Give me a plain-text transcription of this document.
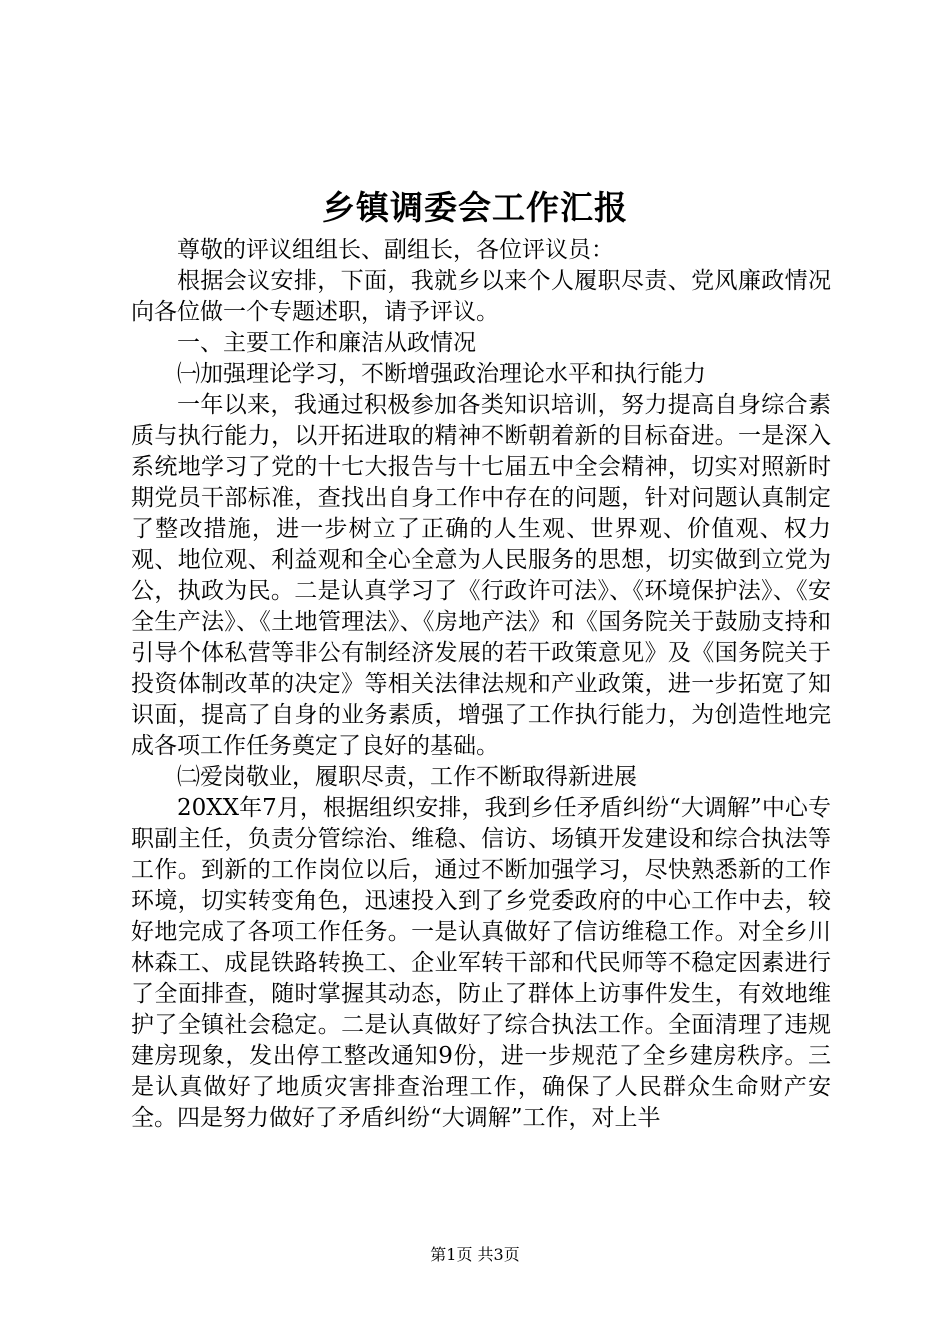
乡镇调委会工作汇报

尊敬的评议组组长、副组长，各位评议员：

根据会议安排，下面，我就乡以来个人履职尽责、党风廉政情况向各位做一个专题述职，请予评议。

一、主要工作和廉洁从政情况

㈠加强理论学习，不断增强政治理论水平和执行能力

一年以来，我通过积极参加各类知识培训，努力提高自身综合素质与执行能力，以开拓进取的精神不断朝着新的目标奋进。一是深入系统地学习了党的十七大报告与十七届五中全会精神，切实对照新时期党员干部标准，查找出自身工作中存在的问题，针对问题认真制定了整改措施，进一步树立了正确的人生观、世界观、价值观、权力观、地位观、利益观和全心全意为人民服务的思想，切实做到立党为公，执政为民。二是认真学习了《行政许可法》、《环境保护法》、《安全生产法》、《土地管理法》、《房地产法》和《国务院关于鼓励支持和引导个体私营等非公有制经济发展的若干政策意见》及《国务院关于投资体制改革的决定》等相关法律法规和产业政策，进一步拓宽了知识面，提高了自身的业务素质，增强了工作执行能力，为创造性地完成各项工作任务奠定了良好的基础。

㈡爱岗敬业，履职尽责，工作不断取得新进展

20XX年7月，根据组织安排，我到乡任矛盾纠纷“大调解”中心专职副主任，负责分管综治、维稳、信访、场镇开发建设和综合执法等工作。到新的工作岗位以后，通过不断加强学习，尽快熟悉新的工作环境，切实转变角色，迅速投入到了乡党委政府的中心工作中去，较好地完成了各项工作任务。一是认真做好了信访维稳工作。对全乡川林森工、成昆铁路转换工、企业军转干部和代民师等不稳定因素进行了全面排查，随时掌握其动态，防止了群体上访事件发生，有效地维护了全镇社会稳定。二是认真做好了综合执法工作。全面清理了违规建房现象，发出停工整改通知9份，进一步规范了全乡建房秩序。三是认真做好了地质灾害排查治理工作，确保了人民群众生命财产安全。四是努力做好了矛盾纠纷“大调解”工作，对上半

第1页 共3页
